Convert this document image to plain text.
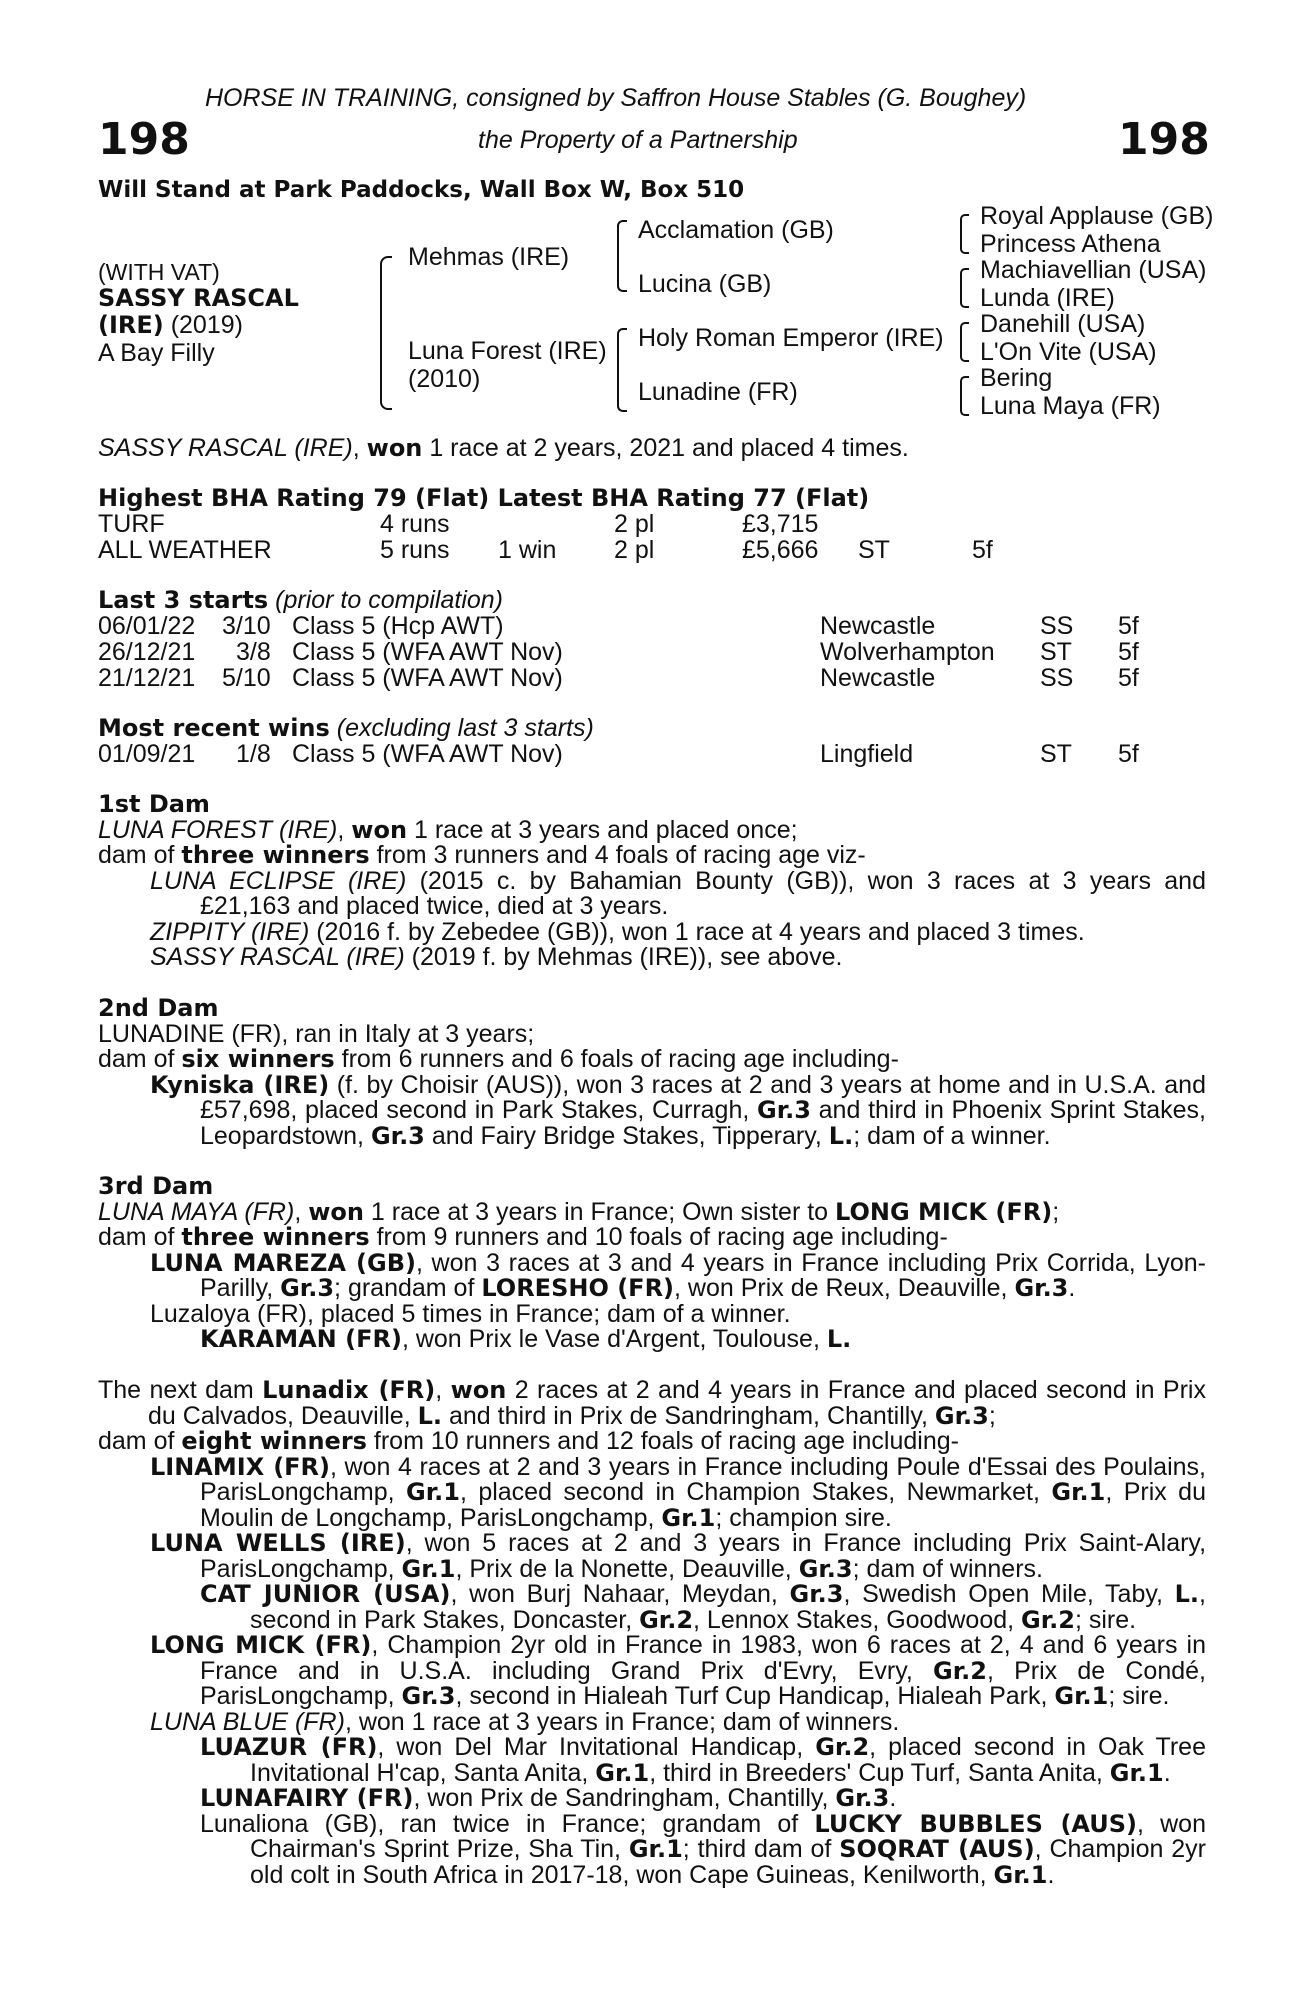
HORSE IN TRAINING, consigned by Saffron House Stables (G. Boughey)
198	the Property of a Partnership	198
Will Stand at Park Paddocks, Wall Box W, Box 510
(WITH VAT)
SASSY RASCAL
(IRE) (2019)
A Bay Filly
Mehmas (IRE)
Luna Forest (IRE)
(2010)
Acclamation (GB)
Lucina (GB)
Holy Roman Emperor (IRE)
Lunadine (FR)
Royal Applause (GB)
Princess Athena
Machiavellian (USA)
Lunda (IRE)
Danehill (USA)
L'On Vite (USA)
Bering
Luna Maya (FR)
SASSY RASCAL (IRE), won 1 race at 2 years, 2021 and placed 4 times.
Highest BHA Rating 79 (Flat) Latest BHA Rating 77 (Flat)
TURF	4 runs	2 pl	£3,715
ALL WEATHER	5 runs 1 win 2 pl	£5,666 ST	5f
Last 3 starts (prior to compilation)
06/01/22 3/10 Class 5 (Hcp AWT)	Newcastle	SS 5f
26/12/21 3/8 Class 5 (WFA AWT Nov)	Wolverhampton ST 5f
21/12/21 5/10 Class 5 (WFA AWT Nov)	Newcastle	SS 5f
Most recent wins (excluding last 3 starts)
01/09/21 1/8 Class 5 (WFA AWT Nov)	Lingfield	ST 5f

1st Dam

LUNA FOREST (IRE), won 1 race at 3 years and placed once;

dam of three winners from 3 runners and 4 foals of racing age viz-

LUNA ECLIPSE (IRE) (2015 c. by Bahamian Bounty (GB)), won 3 races at 3 years and £21,163 and placed twice, died at 3 years.

ZIPPITY (IRE) (2016 f. by Zebedee (GB)), won 1 race at 4 years and placed 3 times.

SASSY RASCAL (IRE) (2019 f. by Mehmas (IRE)), see above.

2nd Dam

LUNADINE (FR), ran in Italy at 3 years;

dam of six winners from 6 runners and 6 foals of racing age including-

Kyniska (IRE) (f. by Choisir (AUS)), won 3 races at 2 and 3 years at home and in U.S.A. and £57,698, placed second in Park Stakes, Curragh, Gr.3 and third in Phoenix Sprint Stakes, Leopardstown, Gr.3 and Fairy Bridge Stakes, Tipperary, L.; dam of a winner.

3rd Dam

LUNA MAYA (FR), won 1 race at 3 years in France; Own sister to LONG MICK (FR);

dam of three winners from 9 runners and 10 foals of racing age including-

LUNA MAREZA (GB), won 3 races at 3 and 4 years in France including Prix Corrida, Lyon-Parilly, Gr.3; grandam of LORESHO (FR), won Prix de Reux, Deauville, Gr.3.

Luzaloya (FR), placed 5 times in France; dam of a winner.

KARAMAN (FR), won Prix le Vase d'Argent, Toulouse, L.

The next dam Lunadix (FR), won 2 races at 2 and 4 years in France and placed second in Prix du Calvados, Deauville, L. and third in Prix de Sandringham, Chantilly, Gr.3;

dam of eight winners from 10 runners and 12 foals of racing age including-

LINAMIX (FR), won 4 races at 2 and 3 years in France including Poule d'Essai des Poulains, ParisLongchamp, Gr.1, placed second in Champion Stakes, Newmarket, Gr.1, Prix du Moulin de Longchamp, ParisLongchamp, Gr.1; champion sire.

LUNA WELLS (IRE), won 5 races at 2 and 3 years in France including Prix Saint-Alary, ParisLongchamp, Gr.1, Prix de la Nonette, Deauville, Gr.3; dam of winners.

CAT JUNIOR (USA), won Burj Nahaar, Meydan, Gr.3, Swedish Open Mile, Taby, L., second in Park Stakes, Doncaster, Gr.2, Lennox Stakes, Goodwood, Gr.2; sire.

LONG MICK (FR), Champion 2yr old in France in 1983, won 6 races at 2, 4 and 6 years in France and in U.S.A. including Grand Prix d'Evry, Evry, Gr.2, Prix de Condé, ParisLongchamp, Gr.3, second in Hialeah Turf Cup Handicap, Hialeah Park, Gr.1; sire.

LUNA BLUE (FR), won 1 race at 3 years in France; dam of winners.

LUAZUR (FR), won Del Mar Invitational Handicap, Gr.2, placed second in Oak Tree Invitational H'cap, Santa Anita, Gr.1, third in Breeders' Cup Turf, Santa Anita, Gr.1.

LUNAFAIRY (FR), won Prix de Sandringham, Chantilly, Gr.3.

Lunaliona (GB), ran twice in France; grandam of LUCKY BUBBLES (AUS), won Chairman's Sprint Prize, Sha Tin, Gr.1; third dam of SOQRAT (AUS), Champion 2yr old colt in South Africa in 2017-18, won Cape Guineas, Kenilworth, Gr.1.
